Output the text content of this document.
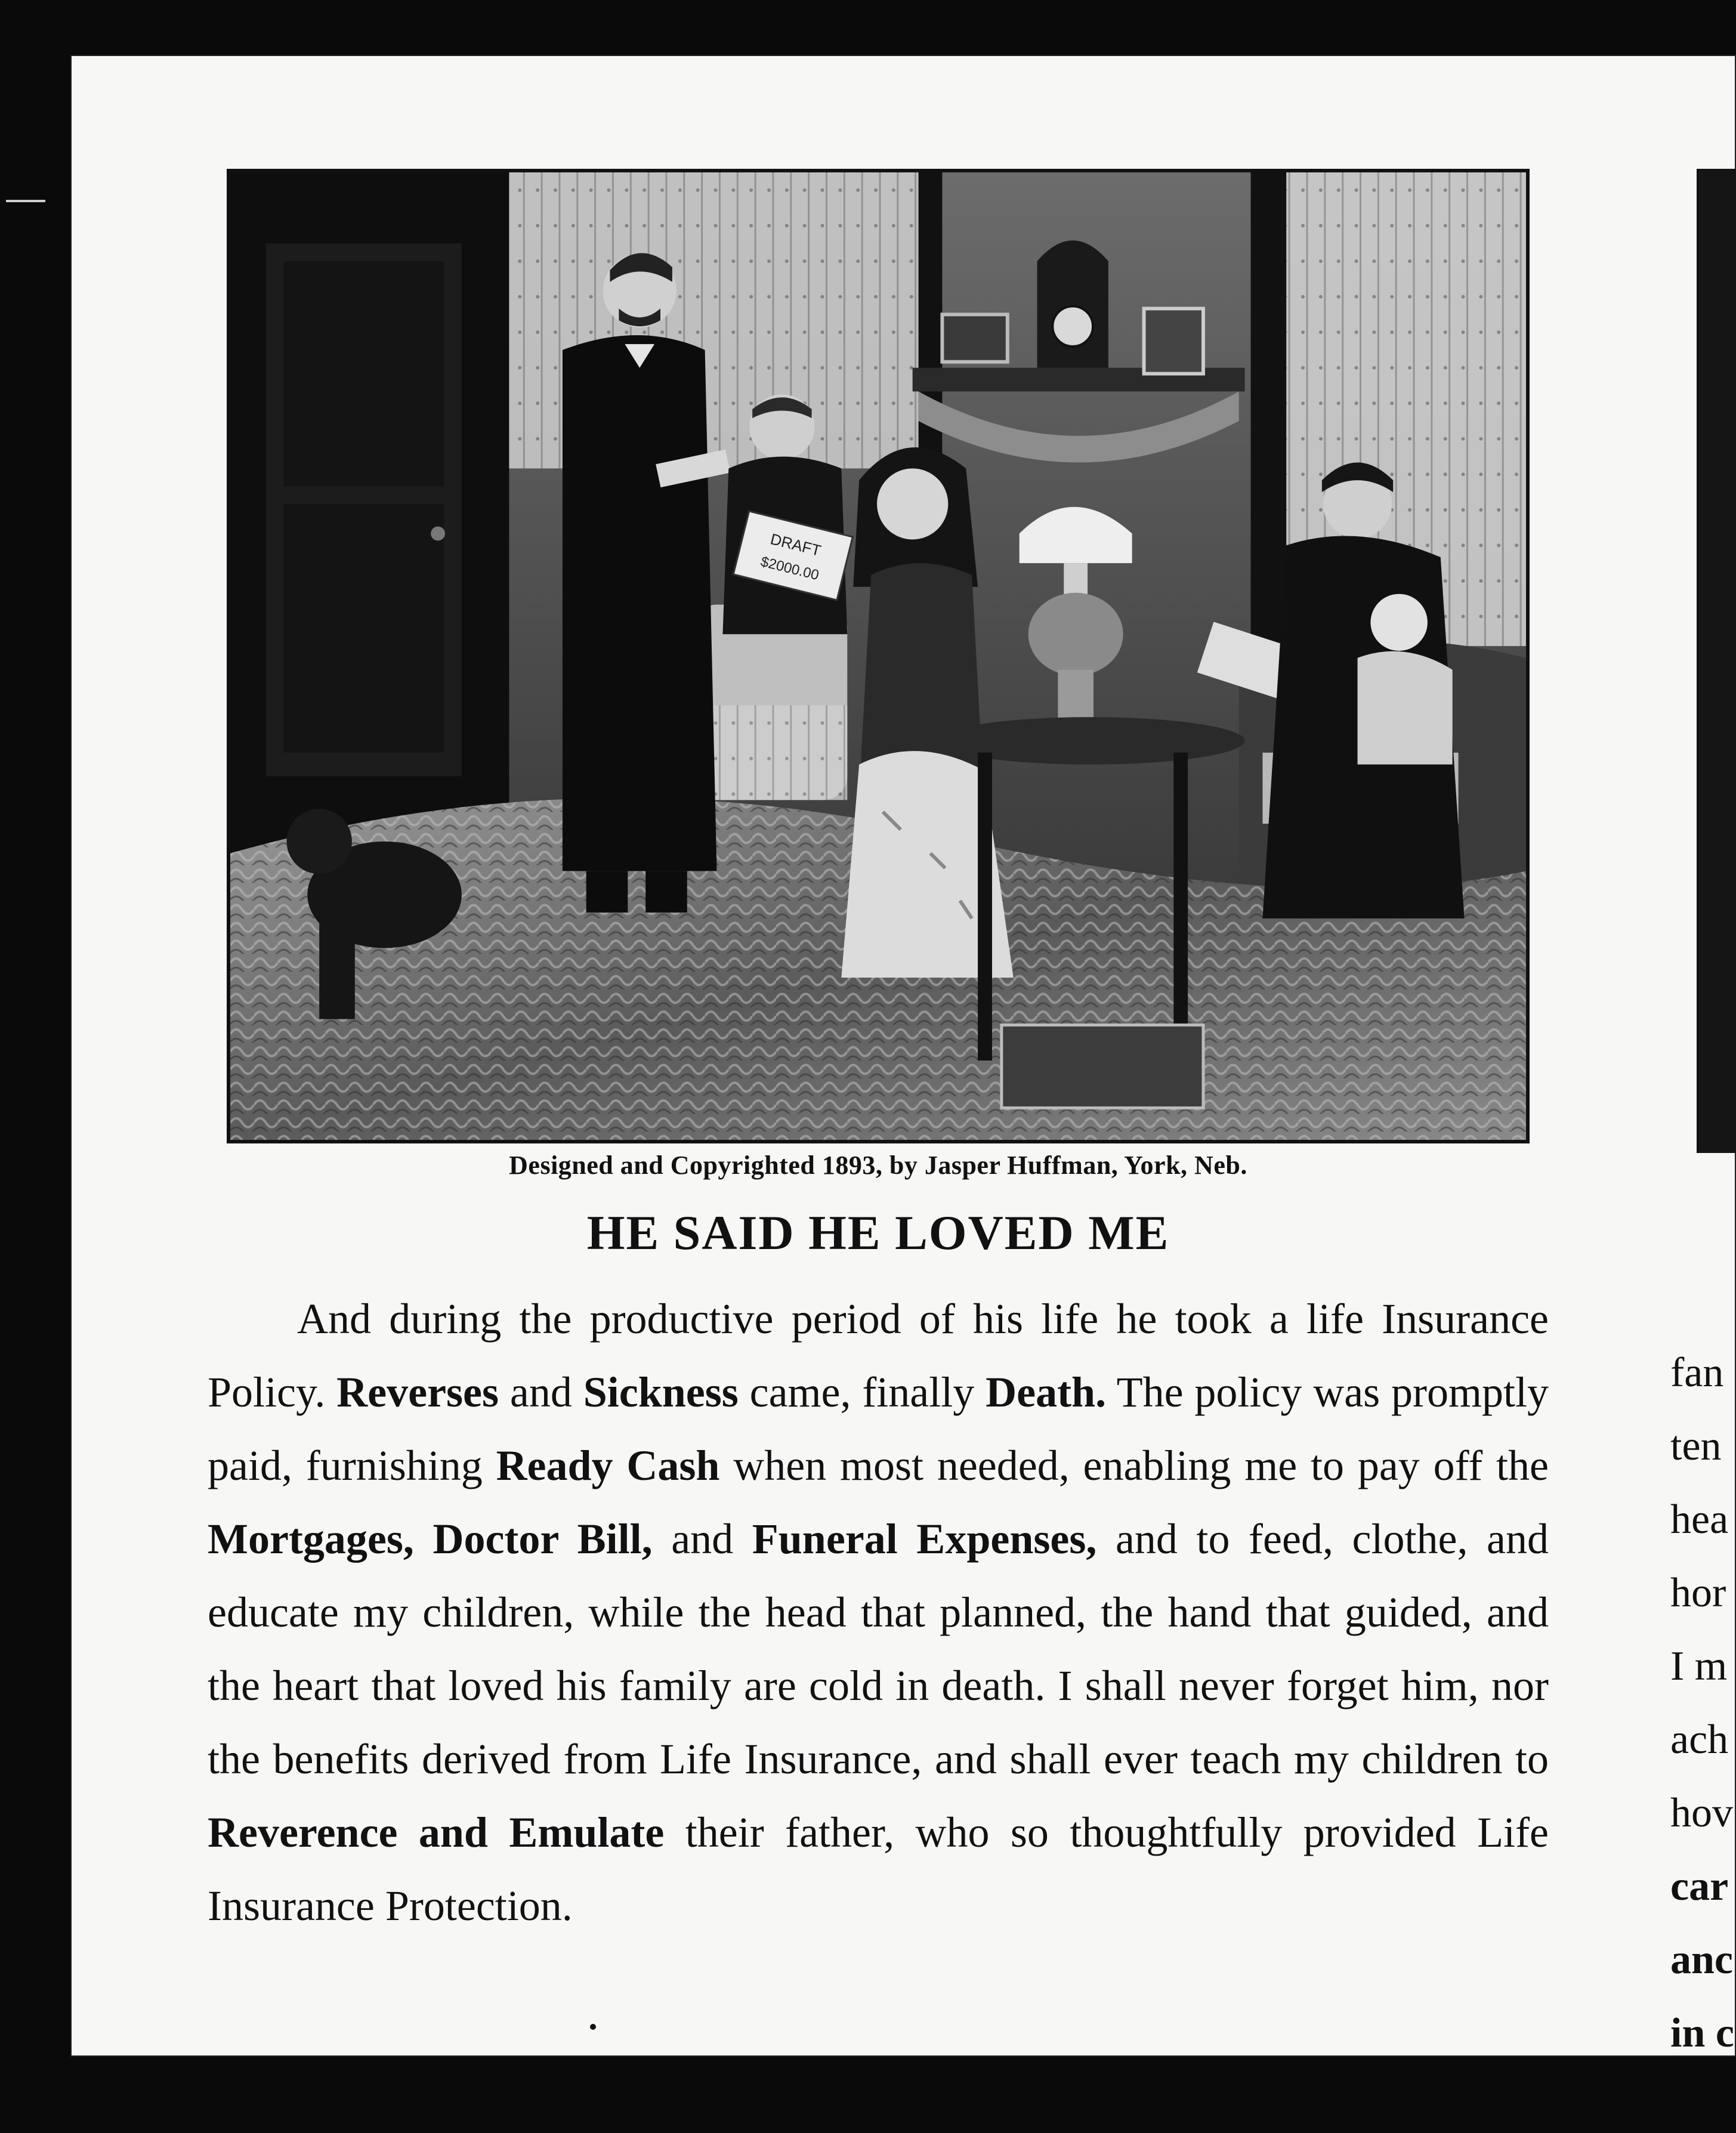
DRAFT
$2000.00
Designed and Copyrighted 1893, by Jasper Huffman, York, Neb.
HE SAID HE LOVED ME

And during the productive period of his life he took a life Insurance Policy. Reverses and Sickness came, finally Death. The policy was promptly paid, furnishing Ready Cash when most needed, enabling me to pay off the Mortgages, Doctor Bill, and Funeral Expenses, and to feed, clothe, and educate my children, while the head that planned, the hand that guided, and the heart that loved his family are cold in death. I shall never forget him, nor the benefits derived from Life Insurance, and shall ever teach my children to Reverence and Emulate their father, who so thoughtfully provided Life Insurance Protection.

fan
ten
hea
hor
I m
ach
hov
car
anc
in c
